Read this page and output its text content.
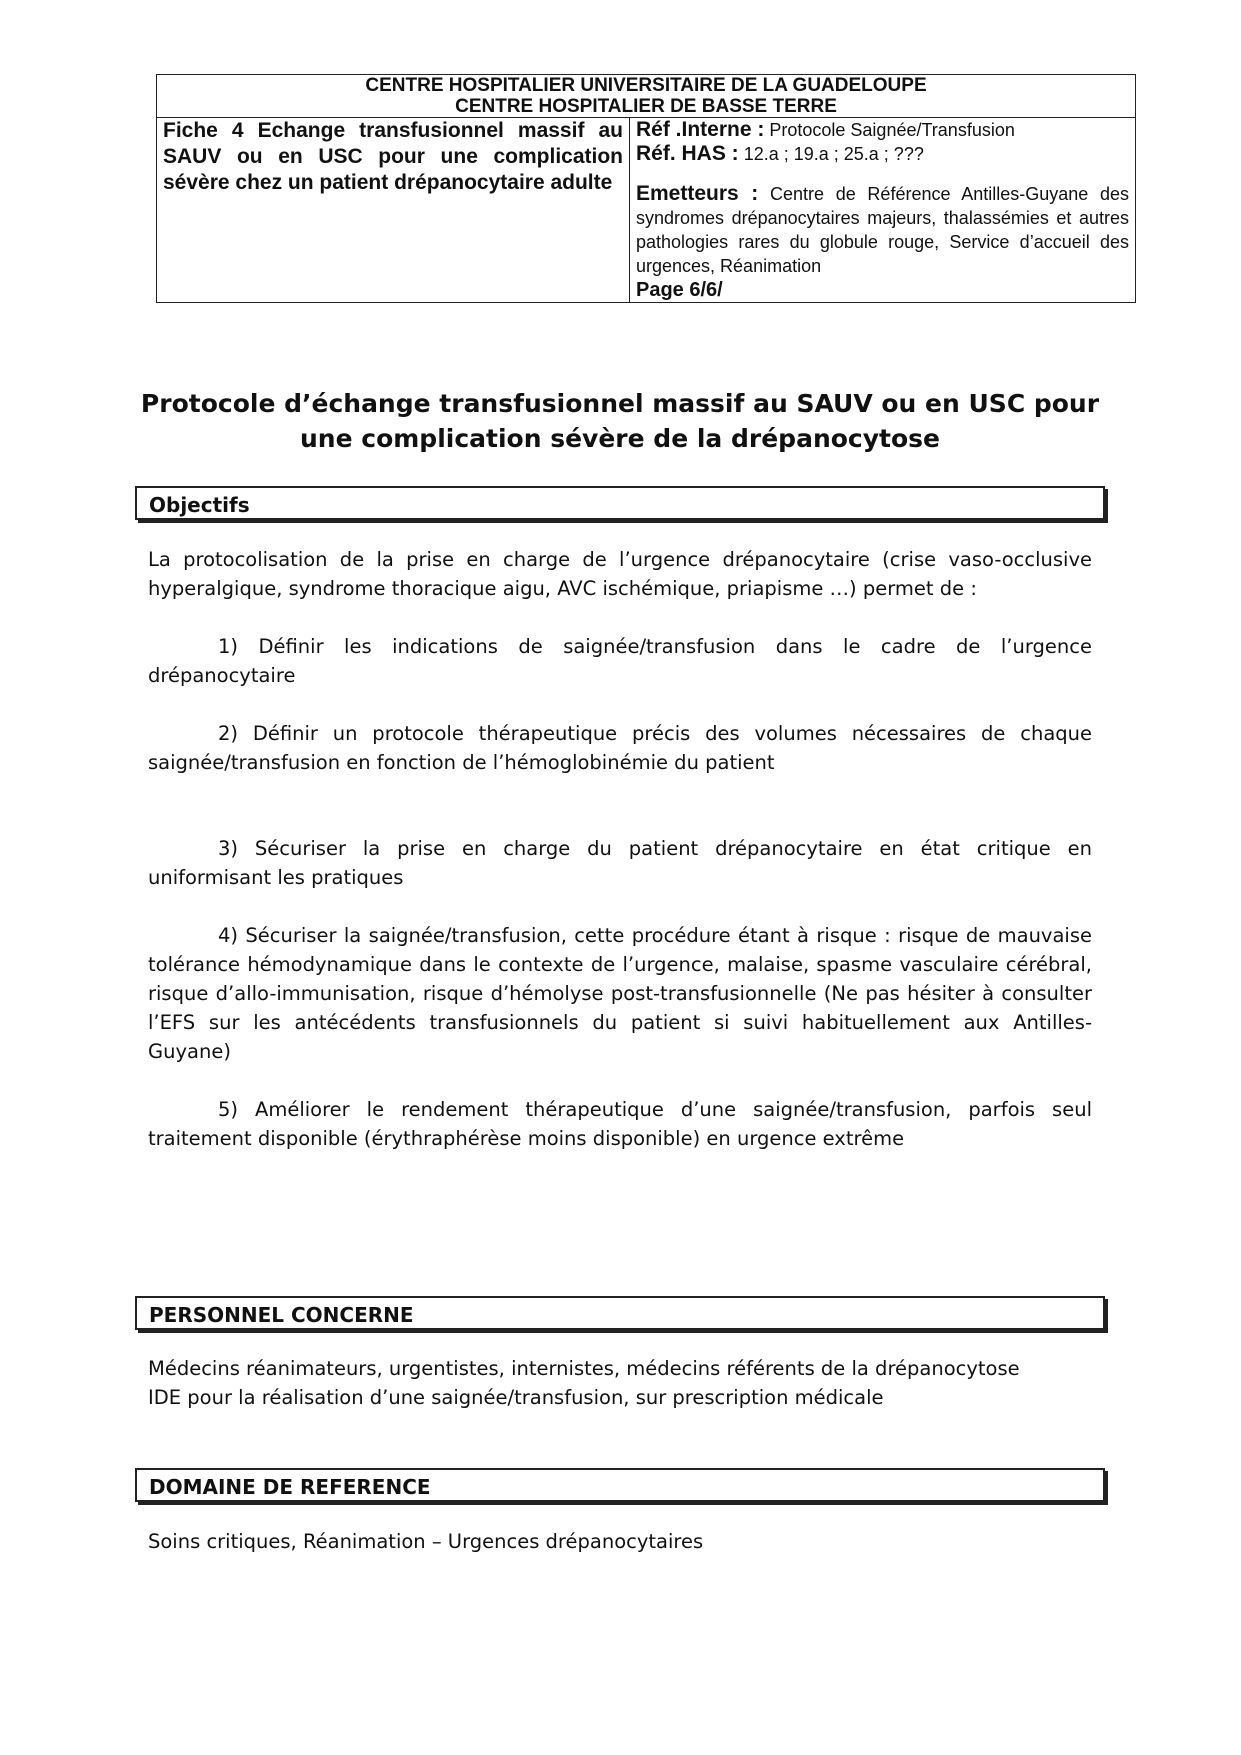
CENTRE HOSPITALIER UNIVERSITAIRE DE LA GUADELOUPE
CENTRE HOSPITALIER DE BASSE TERRE

Fiche 4 Echange transfusionnel massif au SAUV ou en USC pour une complication sévère chez un patient drépanocytaire adulte	
Réf .Interne : Protocole Saignée/Transfusion
Réf. HAS : 12.a ; 19.a ; 25.a ; ???
Emetteurs : Centre de Référence Antilles-Guyane des syndromes drépanocytaires majeurs, thalassémies et autres pathologies rares du globule rouge, Service d’accueil des urgences, Réanimation
Page 6/6/
Protocole d’échange transfusionnel massif au SAUV ou en USC pour
une complication sévère de la drépanocytose
Objectifs

La protocolisation de la prise en charge de l’urgence drépanocytaire (crise vaso-occlusive hyperalgique, syndrome thoracique aigu, AVC ischémique, priapisme …) permet de :

1) Définir les indications de saignée/transfusion dans le cadre de l’urgence drépanocytaire

2) Définir un protocole thérapeutique précis des volumes nécessaires de chaque saignée/transfusion en fonction de l’hémoglobinémie du patient

3) Sécuriser la prise en charge du patient drépanocytaire en état critique en uniformisant les pratiques

4) Sécuriser la saignée/transfusion, cette procédure étant à risque : risque de mauvaise tolérance hémodynamique dans le contexte de l’urgence, malaise, spasme vasculaire cérébral, risque d’allo-immunisation, risque d’hémolyse post-transfusionnelle (Ne pas hésiter à consulter l’EFS sur les antécédents transfusionnels du patient si suivi habituellement aux Antilles-Guyane)

5) Améliorer le rendement thérapeutique d’une saignée/transfusion, parfois seul traitement disponible (érythraphérèse moins disponible) en urgence extrême

PERSONNEL CONCERNE

Médecins réanimateurs, urgentistes, internistes, médecins référents de la drépanocytose

IDE pour la réalisation d’une saignée/transfusion, sur prescription médicale

DOMAINE DE REFERENCE

Soins critiques, Réanimation – Urgences drépanocytaires
